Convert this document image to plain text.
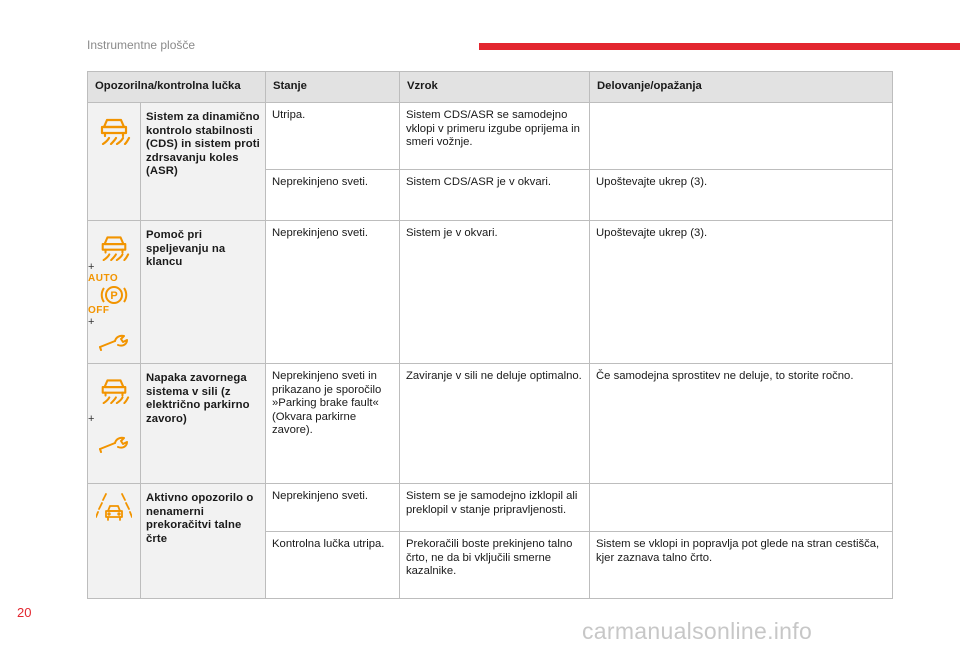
Instrumentne plošče
Opozorilna/kontrolna lučka		Stanje	Vzrok	Delovanje/opažanja

	Sistem za dinamično kontrolo stabilnosti (CDS) in sistem proti zdrsavanju koles (ASR)	Utripa.	Sistem CDS/ASR se samodejno vklopi v primeru izgube oprijema in smeri vožnje.	
		Neprekinjeno sveti.	Sistem CDS/ASR je v okvari.	Upoštevajte ukrep (3).

+
AUTO
P
OFF
+	Pomoč pri speljevanju na klancu	Neprekinjeno sveti.	Sistem je v okvari.	Upoštevajte ukrep (3).

+	Napaka zavornega sistema v sili (z električno parkirno zavoro)	Neprekinjeno sveti in prikazano je sporočilo »Parking brake fault« (Okvara parkirne zavore).	Zaviranje v sili ne deluje optimalno.	Če samodejna sprostitev ne deluje, to storite ročno.

	Aktivno opozorilo o nenamerni prekoračitvi talne črte	Neprekinjeno sveti.	Sistem se je samodejno izklopil ali preklopil v stanje pripravljenosti.	
		Kontrolna lučka utripa.	Prekoračili boste prekinjeno talno črto, ne da bi vključili smerne kazalnike.	Sistem se vklopi in popravlja pot glede na stran cestišča, kjer zaznava talno črto.
20
carmanualsonline.info
